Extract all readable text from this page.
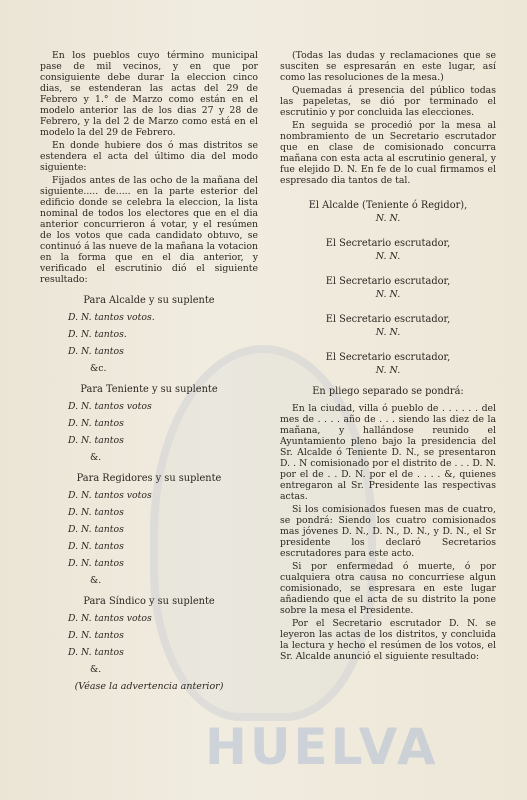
En los pueblos cuyo término municipal pase de mil vecinos, y en que por consiguiente debe durar la eleccion cinco dias, se estenderan las actas del 29 de Febrero y 1.° de Marzo como están en el modelo anterior las de los dias 27 y 28 de Febrero, y la del 2 de Marzo como está en el modelo la del 29 de Febrero.

En donde hubiere dos ó mas distritos se estendera el acta del último dia del modo siguiente:

Fijados antes de las ocho de la mañana del siguiente..... de..... en la parte esterior del edificio donde se celebra la eleccion, la lista nominal de todos los electores que en el dia anterior concurrieron á votar, y el resúmen de los votos que cada candidato obtuvo, se continuó á las nueve de la mañana la votacion en la forma que en el dia anterior, y verificado el escrutinio dió el siguiente resultado:

Para Alcalde y su suplente
D. N. tantos votos.
D. N. tantos.
D. N. tantos
&c.
Para Teniente y su suplente
D. N. tantos votos
D. N. tantos
D. N. tantos
&.
Para Regidores y su suplente
D. N. tantos votos
D. N. tantos
D. N. tantos
D. N. tantos
D. N. tantos
&.
Para Síndico y su suplente
D. N. tantos votos
D. N. tantos
D. N. tantos
&.
(Véase la advertencia anterior)

(Todas las dudas y reclamaciones que se susciten se espresarán en este lugar, así como las resoluciones de la mesa.)

Quemadas á presencia del público todas las papeletas, se dió por terminado el escrutinio y por concluida las elecciones.

En seguida se procedió por la mesa al nombramiento de un Secretario escrutador que en clase de comisionado concurra mañana con esta acta al escrutinio general, y fue elejido D. N. En fe de lo cual firmamos el espresado dia tantos de tal.

El Alcalde (Teniente ó Regidor),
N. N.
El Secretario escrutador,
N. N.
El Secretario escrutador,
N. N.
El Secretario escrutador,
N. N.
El Secretario escrutador,
N. N.
En pliego separado se pondrá:

En la ciudad, villa ó pueblo de . . . . . . del mes de . . . . año de . . . siendo las diez de la mañana, y hallándose reunido el Ayuntamiento pleno bajo la presidencia del Sr. Alcalde ó Teniente D. N., se presentaron D. . N comisionado por el distrito de . . . D. N. por el de . . D. N. por el de . . . . &, quienes entregaron al Sr. Presidente las respectivas actas.

Si los comisionados fuesen mas de cuatro, se pondrá: Siendo los cuatro comisionados mas jóvenes D. N., D. N., D. N., y D. N., el Sr presidente los declaró Secretarios escrutadores para este acto.

Si por enfermedad ó muerte, ó por cualquiera otra causa no concurriese algun comisionado, se espresara en este lugar añadiendo que el acta de su distrito la pone sobre la mesa el Presidente.

Por el Secretario escrutador D. N. se leyeron las actas de los distritos, y concluida la lectura y hecho el resúmen de los votos, el Sr. Alcalde anunció el siguiente resultado:

HUELVA
